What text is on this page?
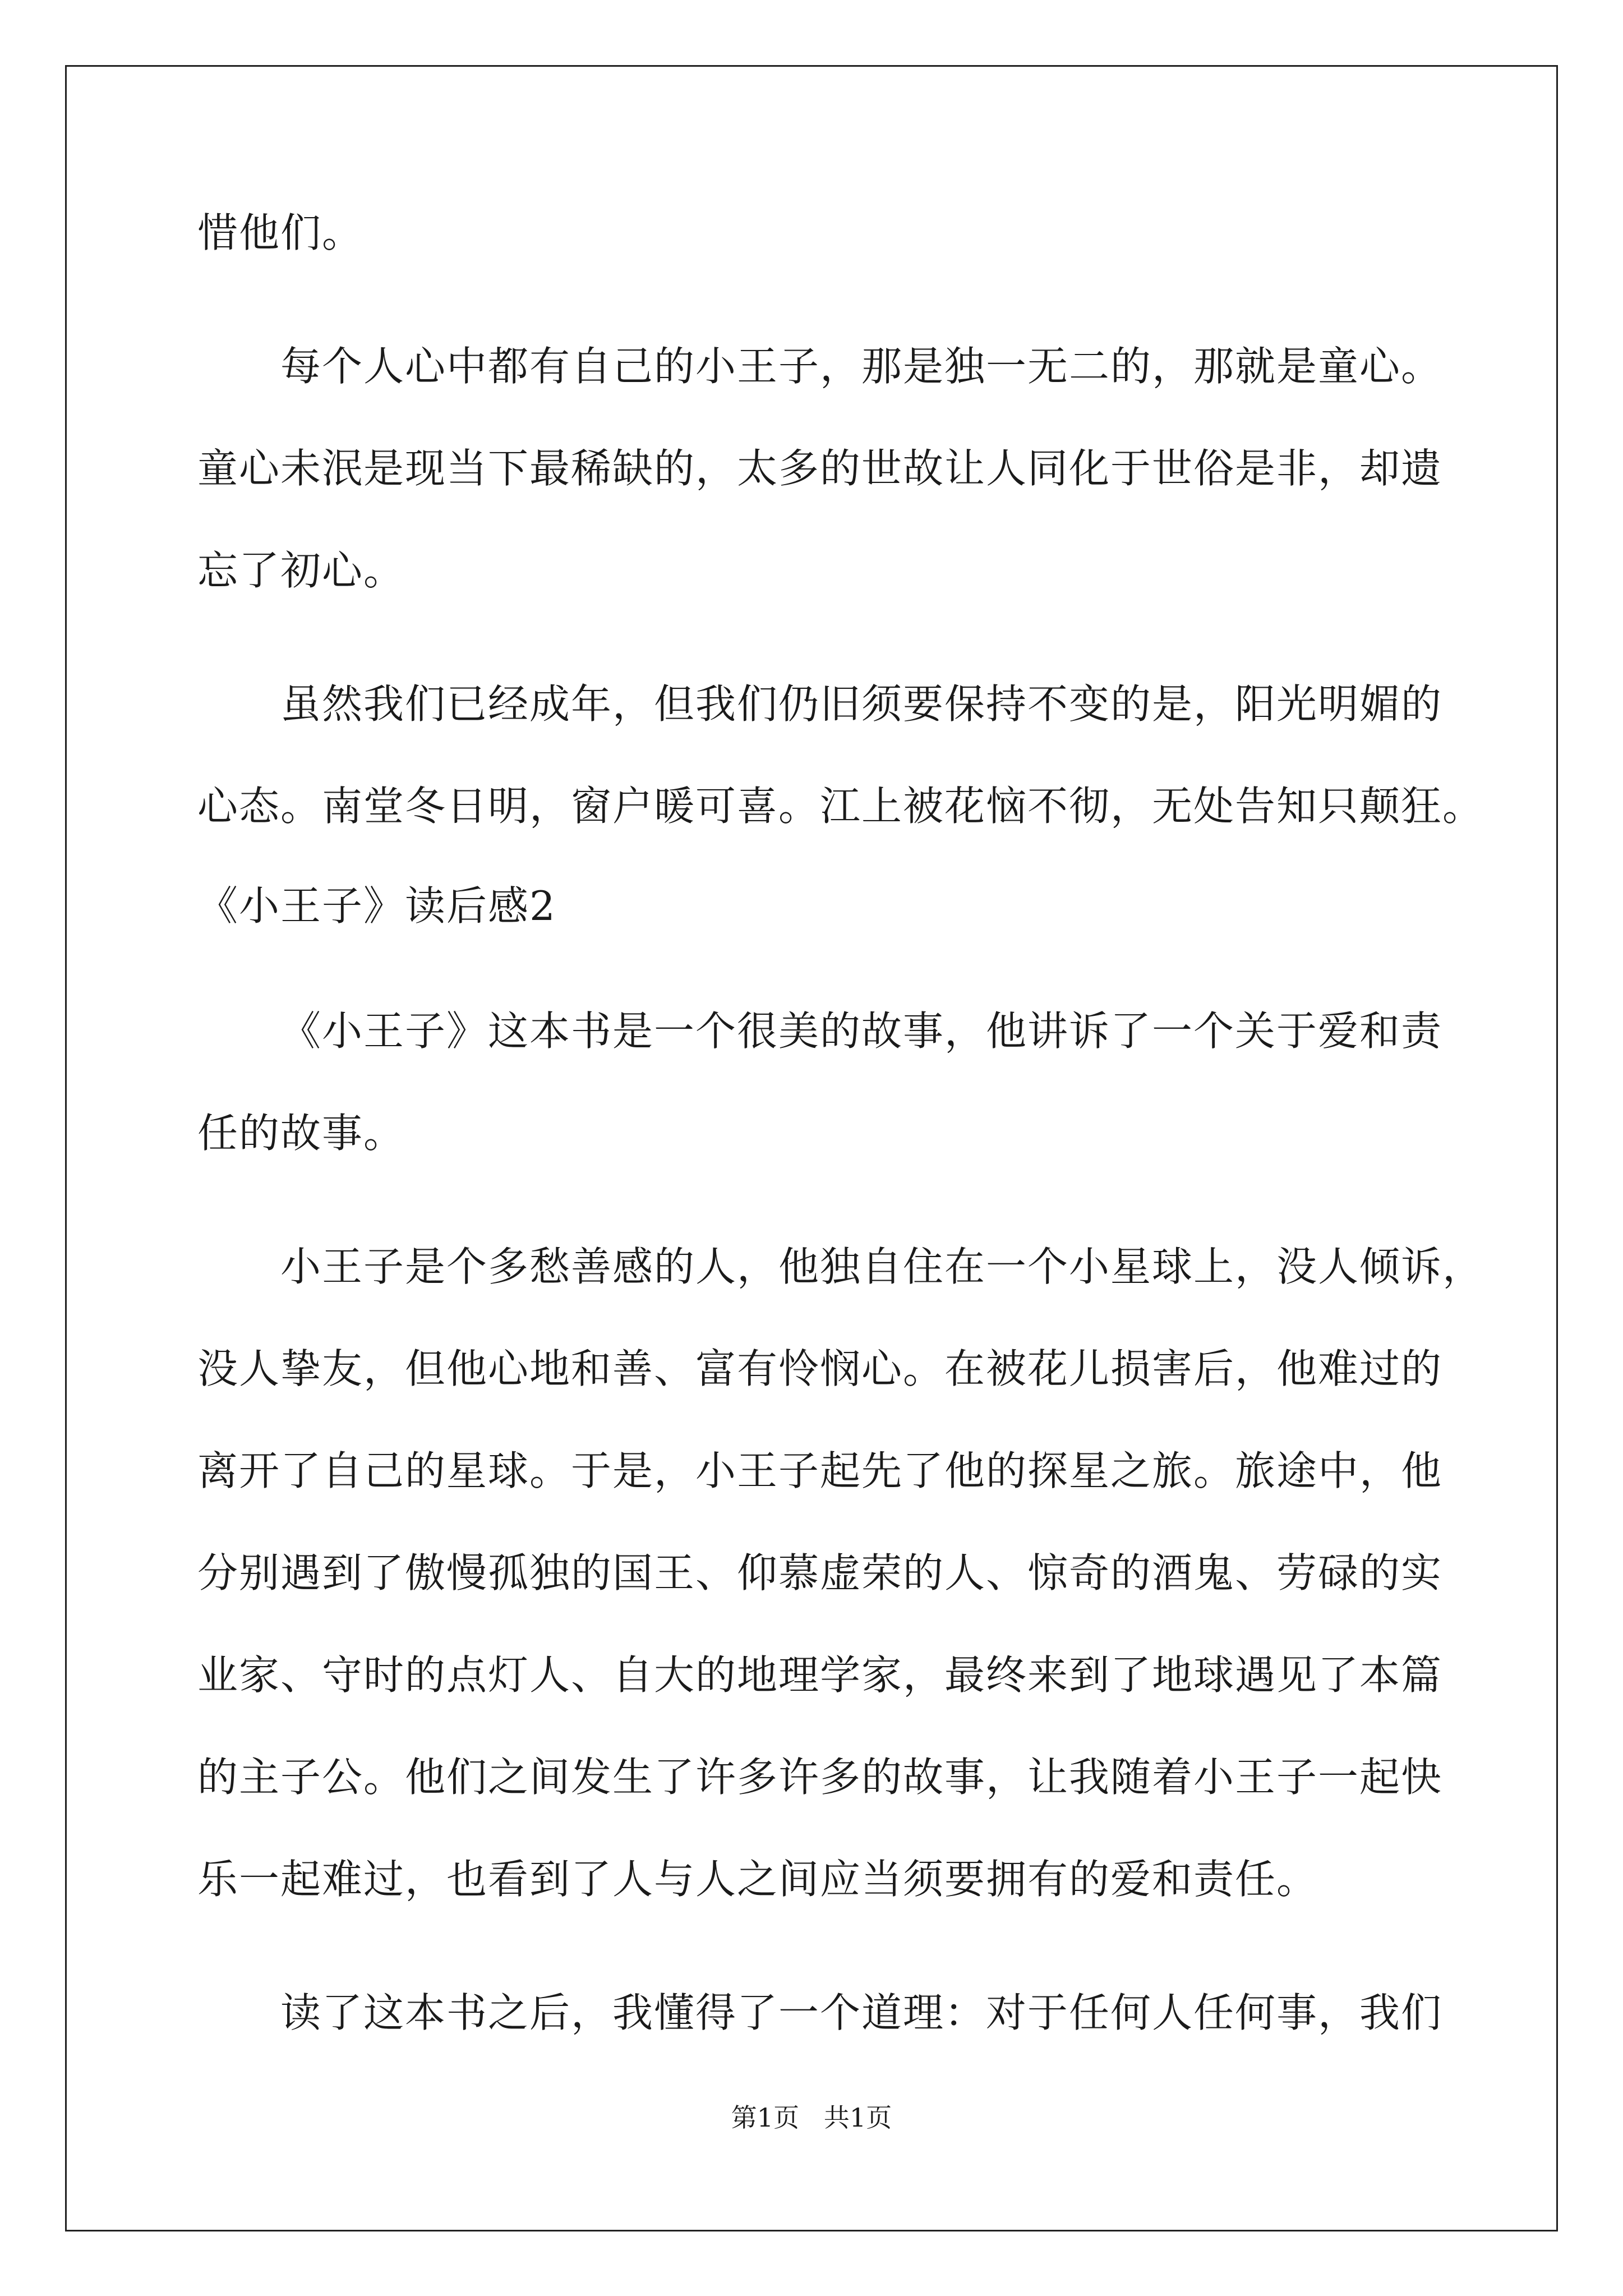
惜他们。
每个人心中都有自己的小王子，那是独一无二的，那就是童心。
童心未泯是现当下最稀缺的，太多的世故让人同化于世俗是非，却遗
忘了初心。
虽然我们已经成年，但我们仍旧须要保持不变的是，阳光明媚的
心态。南堂冬日明，窗户暖可喜。江上被花恼不彻，无处告知只颠狂。
《小王子》读后感2
《小王子》这本书是一个很美的故事，他讲诉了一个关于爱和责
任的故事。
小王子是个多愁善感的人，他独自住在一个小星球上，没人倾诉，
没人挚友，但他心地和善、富有怜悯心。在被花儿损害后，他难过的
离开了自己的星球。于是，小王子起先了他的探星之旅。旅途中，他
分别遇到了傲慢孤独的国王、仰慕虚荣的人、惊奇的酒鬼、劳碌的实
业家、守时的点灯人、自大的地理学家，最终来到了地球遇见了本篇
的主子公。他们之间发生了许多许多的故事，让我随着小王子一起快
乐一起难过，也看到了人与人之间应当须要拥有的爱和责任。
读了这本书之后，我懂得了一个道理：对于任何人任何事，我们
第1页   共1页
